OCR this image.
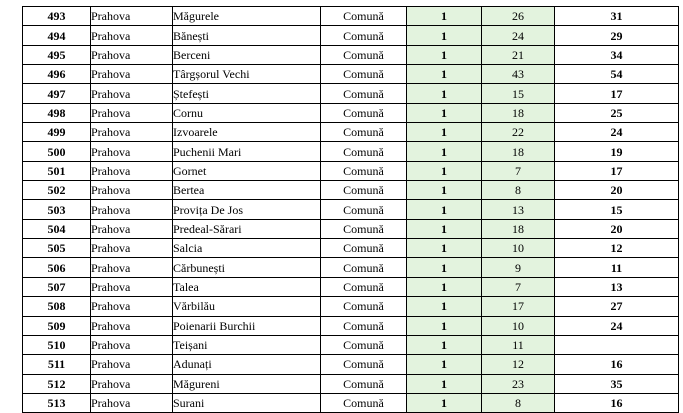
493	Prahova	Măgurele	Comună	1	26	31
494	Prahova	Bănești	Comună	1	24	29
495	Prahova	Berceni	Comună	1	21	34
496	Prahova	Târgșorul Vechi	Comună	1	43	54
497	Prahova	Ștefești	Comună	1	15	17
498	Prahova	Cornu	Comună	1	18	25
499	Prahova	Izvoarele	Comună	1	22	24
500	Prahova	Puchenii Mari	Comună	1	18	19
501	Prahova	Gornet	Comună	1	7	17
502	Prahova	Bertea	Comună	1	8	20
503	Prahova	Provița De Jos	Comună	1	13	15
504	Prahova	Predeal-Sărari	Comună	1	18	20
505	Prahova	Salcia	Comună	1	10	12
506	Prahova	Cărbunești	Comună	1	9	11
507	Prahova	Talea	Comună	1	7	13
508	Prahova	Vărbilău	Comună	1	17	27
509	Prahova	Poienarii Burchii	Comună	1	10	24
510	Prahova	Teișani	Comună	1	11	
511	Prahova	Adunați	Comună	1	12	16
512	Prahova	Măgureni	Comună	1	23	35
513	Prahova	Surani	Comună	1	8	16
